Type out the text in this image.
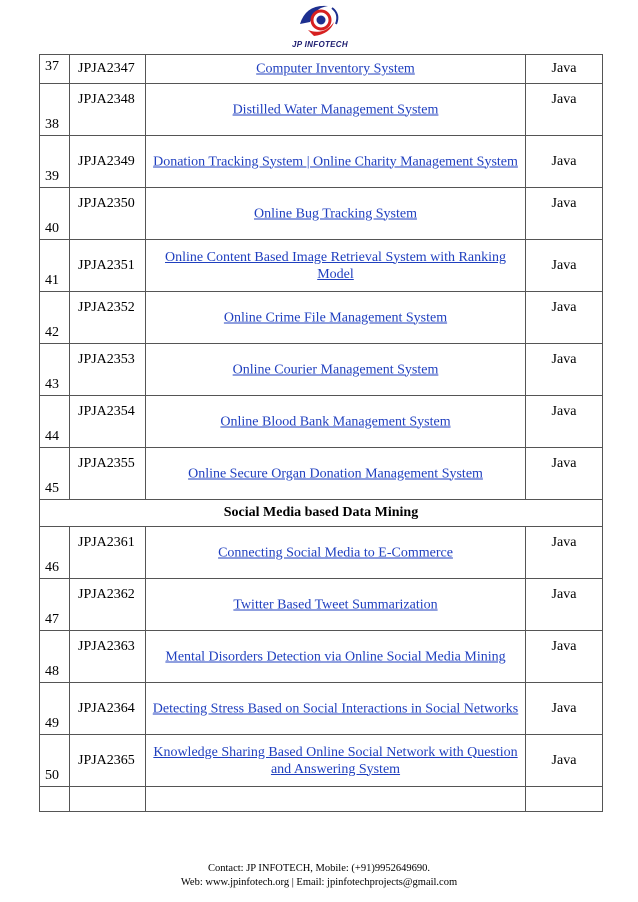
JP INFOTECH
37	JPJA2347	Computer Inventory System	Java

38	JPJA2348	Distilled Water Management System	Java

39	JPJA2349	Donation Tracking System | Online Charity Management System	Java

40	JPJA2350	Online Bug Tracking System	Java

41	JPJA2351	Online Content Based Image Retrieval System with Ranking Model	Java

42	JPJA2352	Online Crime File Management System	Java

43	JPJA2353	Online Courier Management System	Java

44	JPJA2354	Online Blood Bank Management System	Java

45	JPJA2355	Online Secure Organ Donation Management System	Java

Social Media based Data Mining			

46	JPJA2361	Connecting Social Media to E-Commerce	Java

47	JPJA2362	Twitter Based Tweet Summarization	Java

48	JPJA2363	Mental Disorders Detection via Online Social Media Mining	Java

49	JPJA2364	Detecting Stress Based on Social Interactions in Social Networks	Java

50	JPJA2365	Knowledge Sharing Based Online Social Network with Question and Answering System	Java

Contact: JP INFOTECH, Mobile: (+91)9952649690.
Web: www.jpinfotech.org | Email: jpinfotechprojects@gmail.com
